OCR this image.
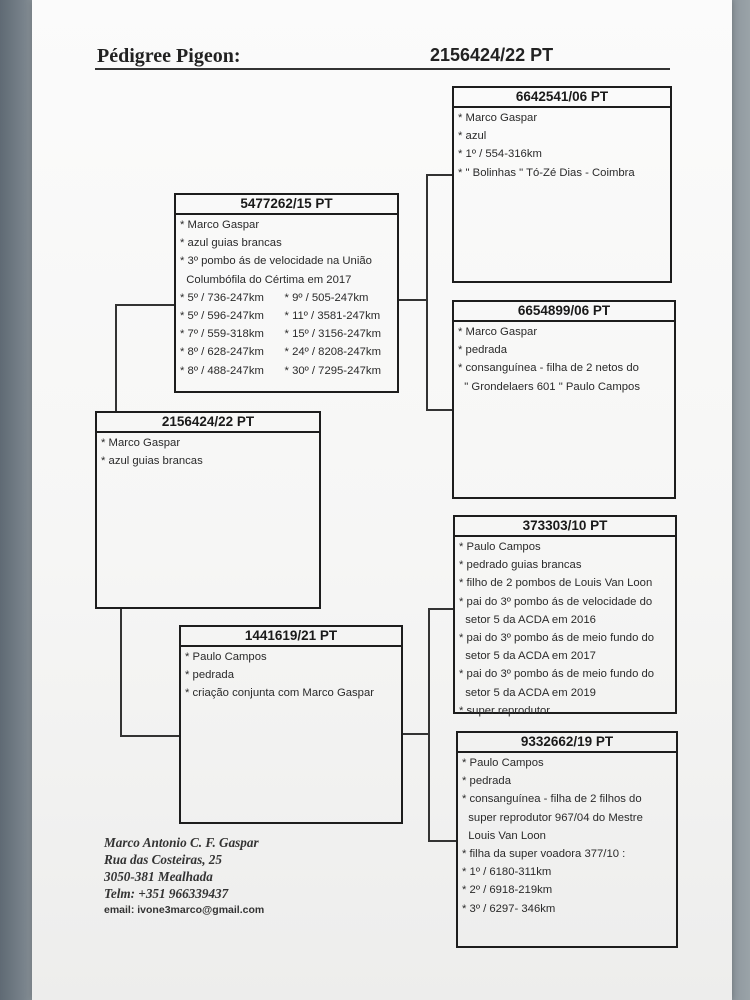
Pédigree Pigeon:	2156424/22 PT
2156424/22 PT
* Marco Gaspar
* azul guias brancas
5477262/15 PT
* Marco Gaspar
* azul guias brancas
* 3º pombo ás de velocidade na União
Columbófila do Cértima em 2017
* 5º / 736-247km
* 5º / 596-247km
* 7º / 559-318km
* 8º / 628-247km
* 8º / 488-247km
* 9º / 505-247km
* 11º / 3581-247km
* 15º / 3156-247km
* 24º / 8208-247km
* 30º / 7295-247km
1441619/21 PT
* Paulo Campos
* pedrada
* criação conjunta com Marco Gaspar
6642541/06 PT
* Marco Gaspar
* azul
* 1º / 554-316km
* " Bolinhas " Tó-Zé Dias - Coimbra
6654899/06 PT
* Marco Gaspar
* pedrada
* consanguínea - filha de 2 netos do
" Grondelaers 601 " Paulo Campos
373303/10 PT
* Paulo Campos
* pedrado guias brancas
* filho de 2 pombos de Louis Van Loon
* pai do 3º pombo ás de velocidade do
setor 5 da ACDA em 2016
* pai do 3º pombo ás de meio fundo do
setor 5 da ACDA em 2017
* pai do 3º pombo ás de meio fundo do
setor 5 da ACDA em 2019
* super reprodutor
9332662/19 PT
* Paulo Campos
* pedrada
* consanguínea - filha de 2 filhos do
super reprodutor 967/04 do Mestre
Louis Van Loon
* filha da super voadora 377/10 :
* 1º / 6180-311km
* 2º / 6918-219km
* 3º / 6297- 346km
Marco Antonio C. F. Gaspar
Rua das Costeiras, 25
3050-381 Mealhada
Telm: +351 966339437
email: ivone3marco@gmail.com
